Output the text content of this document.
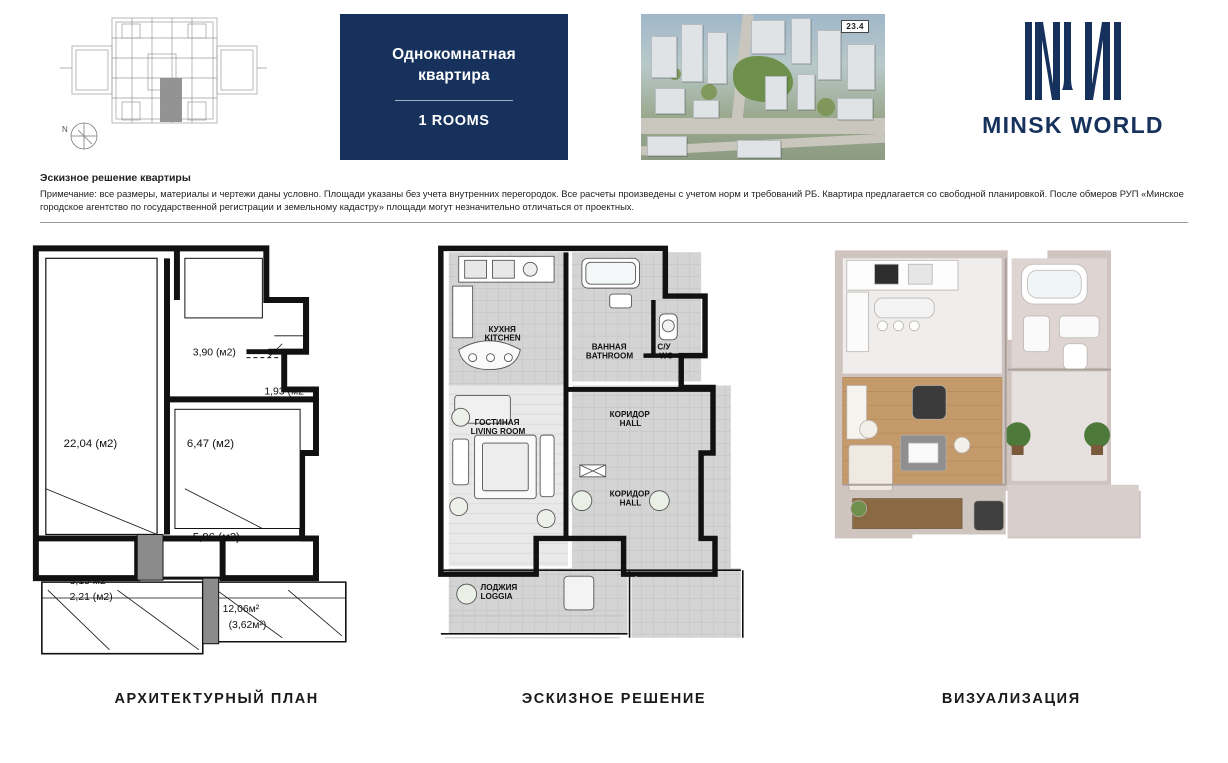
N
Однокомнатная
квартира
1 ROOMS
23.4
MINSK WORLD
Эскизное решение квартиры

Примечание: все размеры, материалы и чертежи даны условно. Площади указаны без учета внутренних перегородок. Все расчеты произведены с учетом норм и требований РБ. Квартира предлагается со свободной планировкой. После обмеров РУП «Минское городское агентство по государственной регистрации и земельному кадастру» площади могут незначительно отличаться от проектных.

22,04 (м2)
3,90 (м2)
1,93 (м2
6,47 (м2)
5,96 (м2)
3,15 м2
2,21 (м2)
12,06м²
(3,62м²)
АРХИТЕКТУРНЫЙ ПЛАН
КУХНЯ
KITCHEN
ВАННАЯ
BATHROOM
С/У
WC
ГОСТИНАЯ
LIVING ROOM
КОРИДОР
HALL
КОРИДОР
HALL
ЛОДЖИЯ
LOGGIA
ЭСКИЗНОЕ РЕШЕНИЕ
REALT
ВИЗУАЛИЗАЦИЯ
